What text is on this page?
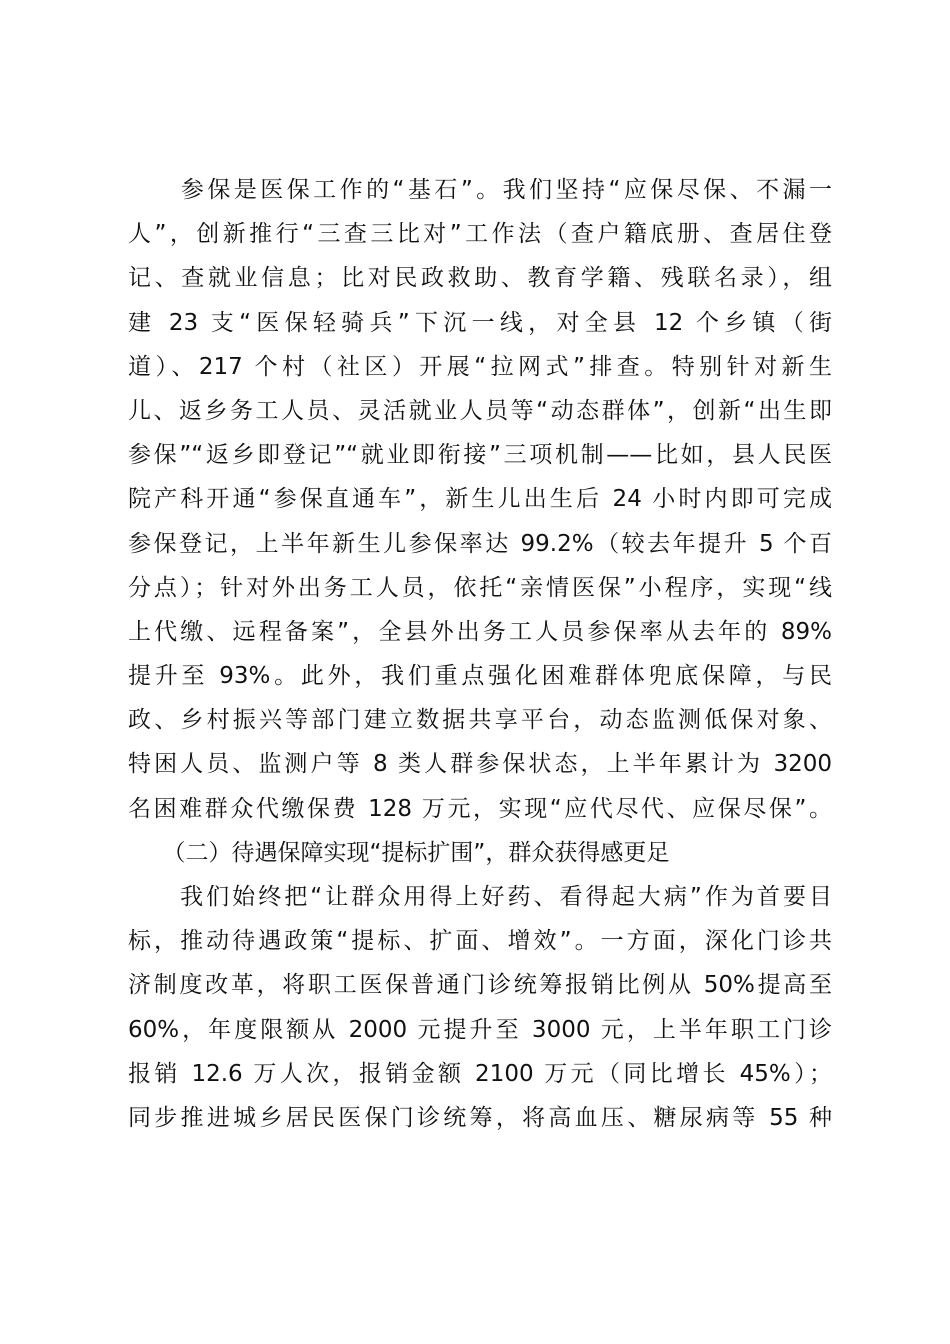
　　参保是医保工作的“基石”。我们坚持“应保尽保、不漏一
人”，创新推行“三查三比对”工作法（查户籍底册、查居住登
记、查就业信息；比对民政救助、教育学籍、残联名录），组
建 23 支“医保轻骑兵”下沉一线，对全县 12 个乡镇（街
道）、217 个村（社区）开展“拉网式”排查。特别针对新生
儿、返乡务工人员、灵活就业人员等“动态群体”，创新“出生即
参保”“返乡即登记”“就业即衔接”三项机制——比如，县人民医
院产科开通“参保直通车”，新生儿出生后 24 小时内即可完成
参保登记，上半年新生儿参保率达 99.2%（较去年提升 5 个百
分点）；针对外出务工人员，依托“亲情医保”小程序，实现“线
上代缴、远程备案”，全县外出务工人员参保率从去年的 89%
提升至 93%。此外，我们重点强化困难群体兜底保障，与民
政、乡村振兴等部门建立数据共享平台，动态监测低保对象、
特困人员、监测户等 8 类人群参保状态，上半年累计为 3200
名困难群众代缴保费 128 万元，实现“应代尽代、应保尽保”。
　　（二）待遇保障实现“提标扩围”，群众获得感更足
　　我们始终把“让群众用得上好药、看得起大病”作为首要目
标，推动待遇政策“提标、扩面、增效”。一方面，深化门诊共
济制度改革，将职工医保普通门诊统筹报销比例从 50%提高至
60%，年度限额从 2000 元提升至 3000 元，上半年职工门诊
报销 12.6 万人次，报销金额 2100 万元（同比增长 45%）；
同步推进城乡居民医保门诊统筹，将高血压、糖尿病等 55 种
